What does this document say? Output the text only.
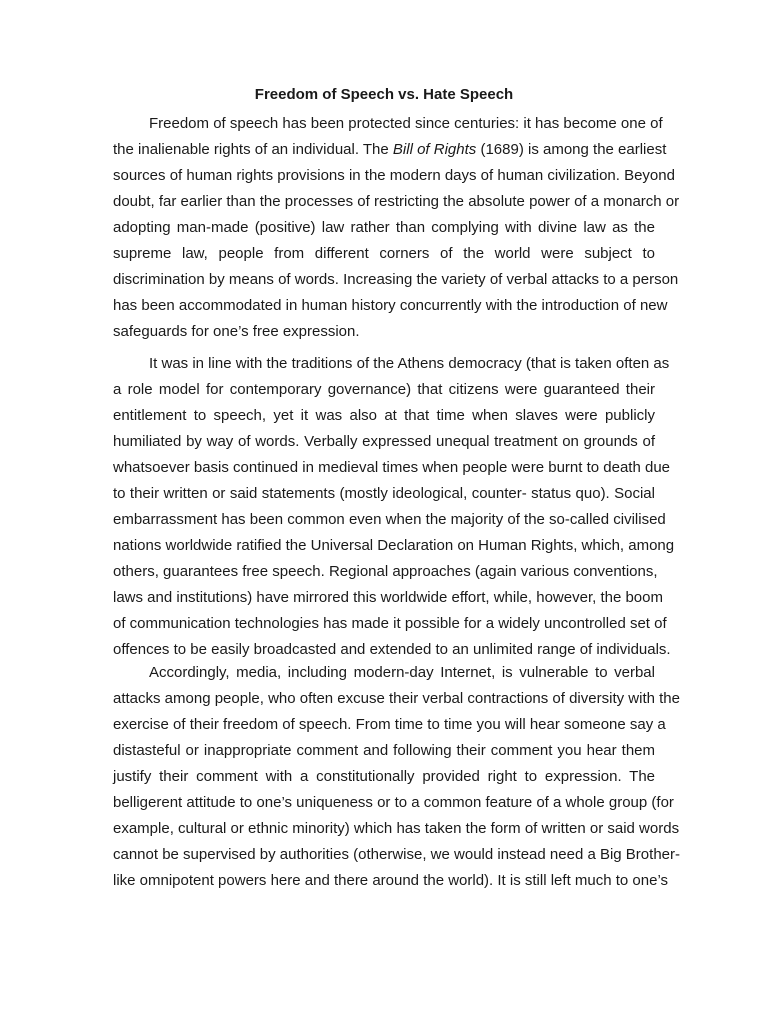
Freedom of Speech vs. Hate Speech
Freedom of speech has been protected since centuries: it has become one of
the inalienable rights of an individual. The Bill of Rights (1689) is among the earliest
sources of human rights provisions in the modern days of human civilization. Beyond
doubt, far earlier than the processes of restricting the absolute power of a monarch or
adopting man-made (positive) law rather than complying with divine law as the
supreme law, people from different corners of the world were subject to
discrimination by means of words. Increasing the variety of verbal attacks to a person
has been accommodated in human history concurrently with the introduction of new
safeguards for one’s free expression.
It was in line with the traditions of the Athens democracy (that is taken often as
a role model for contemporary governance) that citizens were guaranteed their
entitlement to speech, yet it was also at that time when slaves were publicly
humiliated by way of words. Verbally expressed unequal treatment on grounds of
whatsoever basis continued in medieval times when people were burnt to death due
to their written or said statements (mostly ideological, counter- status quo). Social
embarrassment has been common even when the majority of the so-called civilised
nations worldwide ratified the Universal Declaration on Human Rights, which, among
others, guarantees free speech. Regional approaches (again various conventions,
laws and institutions) have mirrored this worldwide effort, while, however, the boom
of communication technologies has made it possible for a widely uncontrolled set of
offences to be easily broadcasted and extended to an unlimited range of individuals.
Accordingly, media, including modern-day Internet, is vulnerable to verbal
attacks among people, who often excuse their verbal contractions of diversity with the
exercise of their freedom of speech. From time to time you will hear someone say a
distasteful or inappropriate comment and following their comment you hear them
justify their comment with a constitutionally provided right to expression. The
belligerent attitude to one’s uniqueness or to a common feature of a whole group (for
example, cultural or ethnic minority) which has taken the form of written or said words
cannot be supervised by authorities (otherwise, we would instead need a Big Brother-
like omnipotent powers here and there around the world). It is still left much to one’s
